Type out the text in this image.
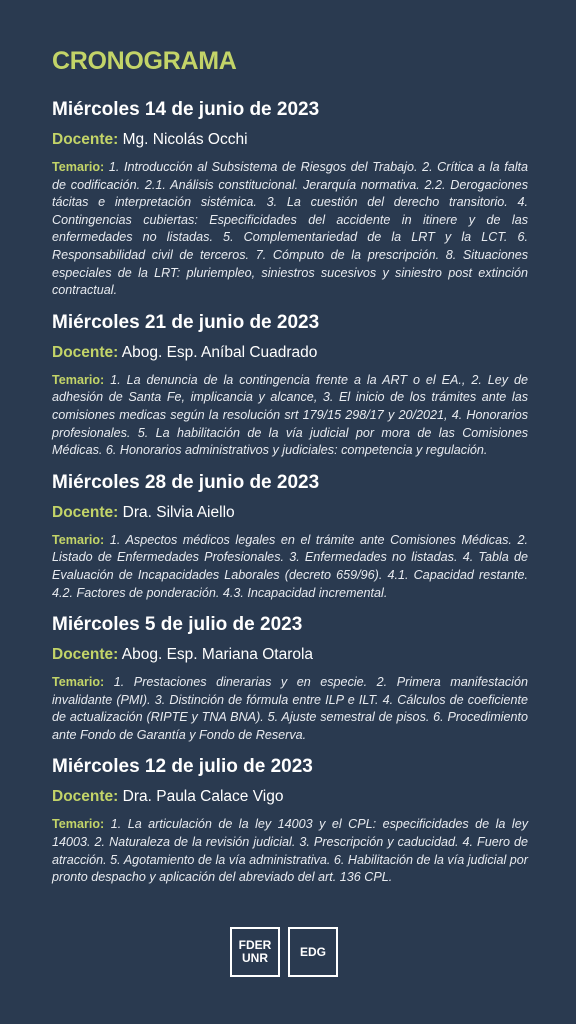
CRONOGRAMA

Miércoles 14 de junio de 2023

Docente: Mg. Nicolás Occhi

Temario: 1. Introducción al Subsistema de Riesgos del Trabajo. 2. Crítica a la falta de codificación. 2.1. Análisis constitucional. Jerarquía normativa. 2.2. Derogaciones tácitas e interpretación sistémica. 3. La cuestión del derecho transitorio. 4. Contingencias cubiertas: Especificidades del accidente in itinere y de las enfermedades no listadas. 5. Complementariedad de la LRT y la LCT. 6. Responsabilidad civil de terceros. 7. Cómputo de la prescripción. 8. Situaciones especiales de la LRT: pluriempleo, siniestros sucesivos y siniestro post extinción contractual.

Miércoles 21 de junio de 2023

Docente: Abog. Esp. Aníbal Cuadrado

Temario: 1. La denuncia de la contingencia frente a la ART o el EA., 2. Ley de adhesión de Santa Fe, implicancia y alcance, 3. El inicio de los trámites ante las comisiones medicas según la resolución srt 179/15 298/17 y 20/2021, 4. Honorarios profesionales. 5. La habilitación de la vía judicial por mora de las Comisiones Médicas. 6. Honorarios administrativos y judiciales: competencia y regulación.

Miércoles 28 de junio de 2023

Docente: Dra. Silvia Aiello

Temario: 1. Aspectos médicos legales en el trámite ante Comisiones Médicas. 2. Listado de Enfermedades Profesionales. 3. Enfermedades no listadas. 4. Tabla de Evaluación de Incapacidades Laborales (decreto 659/96). 4.1. Capacidad restante. 4.2. Factores de ponderación. 4.3. Incapacidad incremental.

Miércoles 5 de julio de 2023

Docente: Abog. Esp. Mariana Otarola

Temario: 1. Prestaciones dinerarias y en especie. 2. Primera manifestación invalidante (PMI). 3. Distinción de fórmula entre ILP e ILT. 4. Cálculos de coeficiente de actualización (RIPTE y TNA BNA). 5. Ajuste semestral de pisos. 6. Procedimiento ante Fondo de Garantía y Fondo de Reserva.

Miércoles 12 de julio de 2023

Docente: Dra. Paula Calace Vigo

Temario: 1. La articulación de la ley 14003 y el CPL: especificidades de la ley 14003. 2. Naturaleza de la revisión judicial. 3. Prescripción y caducidad. 4. Fuero de atracción. 5. Agotamiento de la vía administrativa. 6. Habilitación de la vía judicial por pronto despacho y aplicación del abreviado del art. 136 CPL.

FDER
UNR	EDG
